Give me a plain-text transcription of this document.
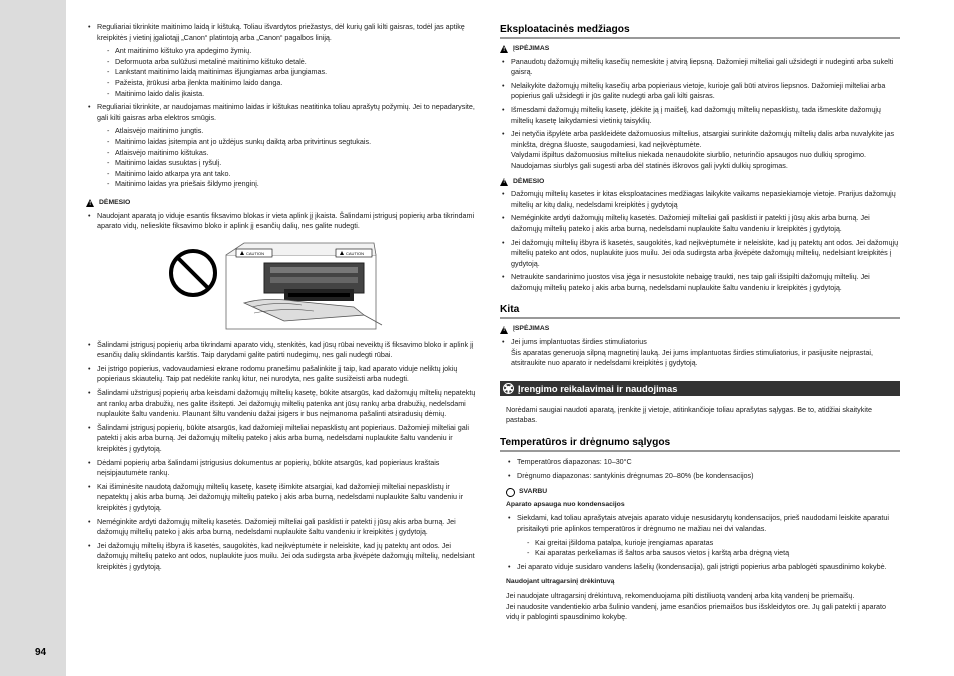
94
• Reguliariai tikrinkite maitinimo laidą ir kištuką. Toliau išvardytos priežastys, dėl kurių gali kilti gaisras, todėl jas aptikę kreipkitės į vietinį įgaliotąjį „Canon“ platintoją arba „Canon“ pagalbos liniją.
- Ant maitinimo kištuko yra apdegimo žymių.
- Deformuota arba sulūžusi metalinė maitinimo kištuko detalė.
- Lankstant maitinimo laidą maitinimas išjungiamas arba įjungiamas.
- Pažeista, įtrūkusi arba įlenkta maitinimo laido danga.
- Maitinimo laido dalis įkaista.
• Reguliariai tikrinkite, ar naudojamas maitinimo laidas ir kištukas neatitinka toliau aprašytų požymių. Jei to nepadarysite, gali kilti gaisras arba elektros smūgis.
- Atlaisvėjo maitinimo jungtis.
- Maitinimo laidas įsitempia ant jo uždėjus sunkų daiktą arba pritvirtinus segtukais.
- Atlaisvėjo maitinimo kištukas.
- Maitinimo laidas susuktas į ryšulį.
- Maitinimo laido atkarpa yra ant tako.
- Maitinimo laidas yra priešais šildymo įrenginį.
!
DĖMESIO
• Naudojant aparatą jo viduje esantis fiksavimo blokas ir vieta aplink jį įkaista. Šalindami įstrigusį popierių arba tikrindami aparato vidų, nelieskite fiksavimo bloko ir aplink jį esančių dalių, nes galite nudegti.
CAUTION	CAUTION
• Šalindami įstrigusį popierių arba tikrindami aparato vidų, stenkitės, kad jūsų rūbai neveiktų iš fiksavimo bloko ir aplink jį esančių dalių sklindantis karštis. Taip darydami galite patirti nudegimų, nes gali nudegti rūbai.
• Jei įstrigo popierius, vadovaudamiesi ekrane rodomu pranešimu pašalinkite jį taip, kad aparato viduje neliktų jokių popieriaus skiautelių. Taip pat nedėkite rankų kitur, nei nurodyta, nes galite susižeisti arba nudegti.
• Šalindami užstrigusį popierių arba keisdami dažomųjų miltelių kasetę, būkite atsargūs, kad dažomųjų miltelių nepatektų ant rankų arba drabužių, nes galite išsitepti. Jei dažomųjų miltelių patenka ant jūsų rankų arba drabužių, nedelsdami nuplaukite šaltu vandeniu. Plaunant šiltu vandeniu dažai įsigers ir bus neįmanoma pašalinti atsiradusių dėmių.
• Šalindami įstrigusį popierių, būkite atsargūs, kad dažomieji milteliai nepasklistų ant popieriaus. Dažomieji milteliai gali patekti į akis arba burną. Jei dažomųjų miltelių pateko į akis arba burną, nedelsdami nuplaukite šaltu vandeniu ir kreipkitės į gydytoją.
• Dėdami popierių arba šalindami įstrigusius dokumentus ar popierių, būkite atsargūs, kad popieriaus kraštais neįsipjautumėte rankų.
• Kai išiminėsite naudotą dažomųjų miltelių kasetę, kasetę išimkite atsargiai, kad dažomieji milteliai nepasklistų ir nepatektų į akis arba burną. Jei dažomųjų miltelių pateko į akis arba burną, nedelsdami nuplaukite šaltu vandeniu ir kreipkitės į gydytoją.
• Neméginkite ardyti dažomųjų miltelių kasetės. Dažomieji milteliai gali pasklisti ir patekti į jūsų akis arba burną. Jei dažomųjų miltelių pateko į akis arba burną, nedelsdami nuplaukite šaltu vandeniu ir kreipkitės į gydytoją.
• Jei dažomųjų miltelių išbyra iš kasetės, saugokitės, kad neįkvėptumėte ir neleiskite, kad jų patektų ant odos. Jei dažomųjų miltelių pateko ant odos, nuplaukite juos muilu. Jei oda sudirgsta arba įkvėpėte dažomųjų miltelių, nedelsiant kreipkitės į gydytoją.
Eksploatacinės medžiagos
!
ĮSPĖJIMAS
• Panaudotų dažomųjų miltelių kasečių nemeskite į atvirą liepsną. Dažomieji milteliai gali užsidegti ir nudeginti arba sukelti gaisrą.
• Nelaikykite dažomųjų miltelių kasečių arba popieriaus vietoje, kurioje gali būti atviros liepsnos. Dažomieji milteliai arba popierius gali užsidegti ir jūs galite nudegti arba gali kilti gaisras.
• Išmesdami dažomųjų miltelių kasetę, įdėkite ją į maišelį, kad dažomųjų miltelių nepasklistų, tada išmeskite dažomųjų miltelių kasetę laikydamiesi vietinių taisyklių.
• Jei netyčia išpylėte arba paskleidėte dažomuosius miltelius, atsargiai surinkite dažomųjų miltelių dalis arba nuvalykite jas minkšta, drėgna šluoste, saugodamiesi, kad neįkvėptumėte.
Valydami išpiltus dažomuosius miltelius niekada nenaudokite siurblio, neturinčio apsaugos nuo dulkių sprogimo. Naudojamas siurblys gali sugesti arba dėl statinės iškrovos gali įvykti dulkių sprogimas.
!
DĖMESIO
• Dažomųjų miltelių kasetes ir kitas eksploatacines medžiagas laikykite vaikams nepasiekiamoje vietoje. Prarijus dažomųjų miltelių ar kitų dalių, nedelsdami kreipkitės į gydytoją
• Neméginkite ardyti dažomųjų miltelių kasetės. Dažomieji milteliai gali pasklisti ir patekti į jūsų akis arba burną. Jei dažomųjų miltelių pateko į akis arba burną, nedelsdami nuplaukite šaltu vandeniu ir kreipkitės į gydytoją.
• Jei dažomųjų miltelių išbyra iš kasetės, saugokitės, kad neįkvėptumėte ir neleiskite, kad jų patektų ant odos. Jei dažomųjų miltelių pateko ant odos, nuplaukite juos muilu. Jei oda sudirgsta arba įkvėpėte dažomųjų miltelių, nedelsiant kreipkitės į gydytoją.
• Netraukite sandarinimo juostos visa jėga ir nesustokite nebaigę traukti, nes taip gali išsipilti dažomųjų miltelių. Jei dažomųjų miltelių pateko į akis arba burną, nedelsdami nuplaukite šaltu vandeniu ir kreipkitės į gydytoją.
Kita
!
ĮSPĖJIMAS
• Jei jums implantuotas širdies stimuliatorius
Šis aparatas generuoja silpną magnetinį lauką. Jei jums implantuotas širdies stimuliatorius, ir pasijusite neįprastai, atsitraukite nuo aparato ir nedelsdami kreipkitės į gydytoją.
Įrengimo reikalavimai ir naudojimas

Norėdami saugiai naudoti aparatą, įrenkite jį vietoje, atitinkančioje toliau aprašytas sąlygas. Be to, atidžiai skaitykite pastabas.

Temperatūros ir drėgnumo sąlygos
• Temperatūros diapazonas: 10–30°C
• Drėgnumo diapazonas: santykinis drėgnumas 20–80% (be kondensacijos)
SVARBU
Aparato apsauga nuo kondensacijos
• Siekdami, kad toliau aprašytais atvejais aparato viduje nesusidarytų kondensacijos, prieš naudodami leiskite aparatui prisitaikyti prie aplinkos temperatūros ir drėgnumo ne mažiau nei dvi valandas.
- Kai greitai įšildoma patalpa, kurioje įrengiamas aparatas
- Kai aparatas perkeliamas iš šaltos arba sausos vietos į karštą arba drėgną vietą
• Jei aparato viduje susidaro vandens lašelių (kondensacija), gali įstrigti popierius arba pablogėti spausdinimo kokybė.
Naudojant ultragarsinį drėkintuvą

Jei naudojate ultragarsinį drėkintuvą, rekomenduojama pilti distiliuotą vandenį arba kitą vandenį be priemaišų.
Jei naudosite vandentiekio arba šulinio vandenį, jame esančios priemaišos bus išskleidytos ore. Jų gali patekti į aparato vidų ir pabloginti spausdinimo kokybę.
